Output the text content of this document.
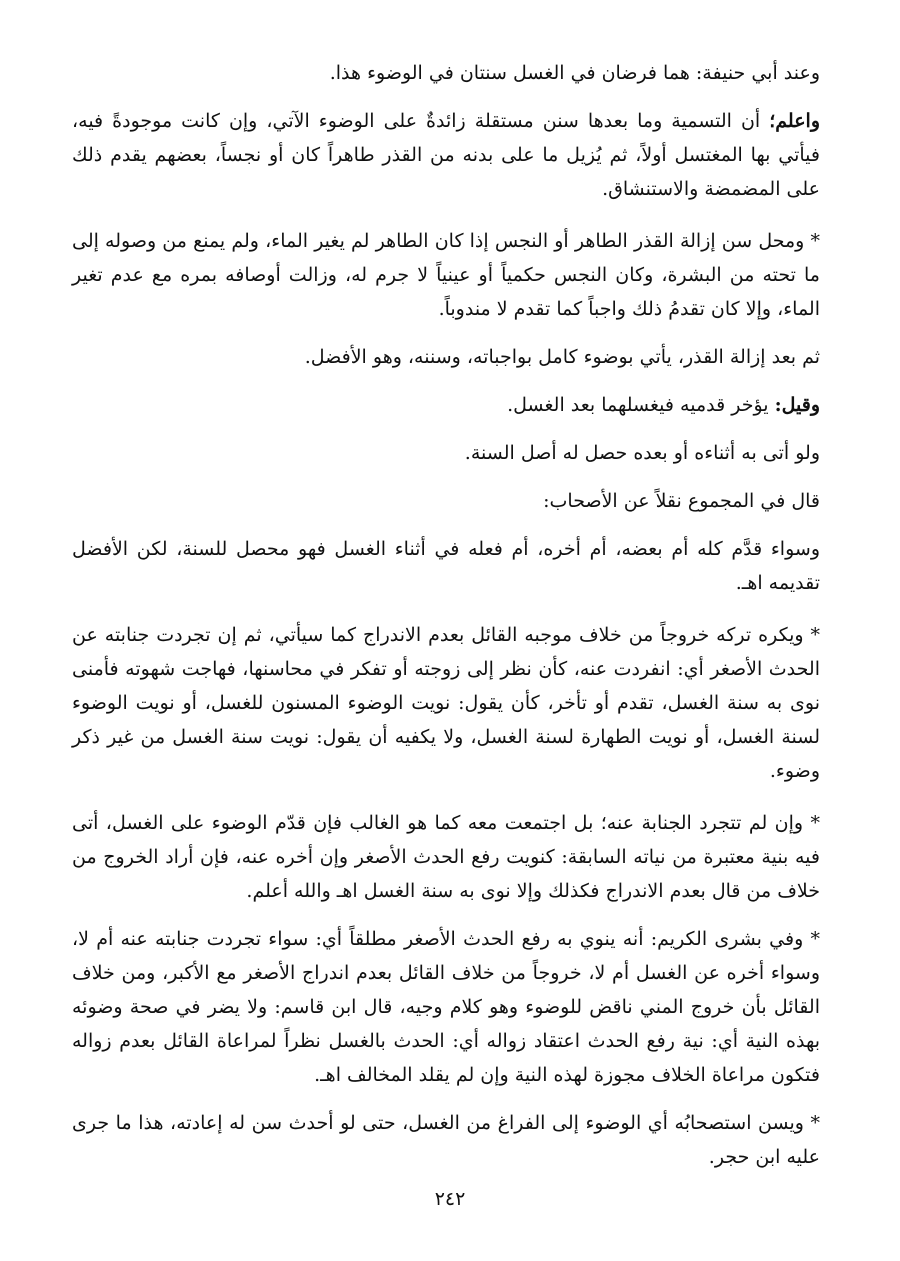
وعند أبي حنيفة: هما فرضان في الغسل سنتان في الوضوء هذا.

واعلم؛ أن التسمية وما بعدها سنن مستقلة زائدةٌ على الوضوء الآتي، وإن كانت موجودةً فيه، فيأتي بها المغتسل أولاً، ثم يُزيل ما على بدنه من القذر طاهراً كان أو نجساً، بعضهم يقدم ذلك على المضمضة والاستنشاق.

* ومحل سن إزالة القذر الطاهر أو النجس إذا كان الطاهر لم يغير الماء، ولم يمنع من وصوله إلى ما تحته من البشرة، وكان النجس حكمياً أو عينياً لا جرم له، وزالت أوصافه بمره مع عدم تغير الماء، وإلا كان تقدمُ ذلك واجباً كما تقدم لا مندوباً.

ثم بعد إزالة القذر، يأتي بوضوء كامل بواجباته، وسننه، وهو الأفضل.

وقيل: يؤخر قدميه فيغسلهما بعد الغسل.

ولو أتى به أثناءه أو بعده حصل له أصل السنة.

قال في المجموع نقلاً عن الأصحاب:

وسواء قدَّم كله أم بعضه، أم أخره، أم فعله في أثناء الغسل فهو محصل للسنة، لكن الأفضل تقديمه اهـ.

* ويكره تركه خروجاً من خلاف موجبه القائل بعدم الاندراج كما سيأتي، ثم إن تجردت جنابته عن الحدث الأصغر أي: انفردت عنه، كأن نظر إلى زوجته أو تفكر في محاسنها، فهاجت شهوته فأمنى نوى به سنة الغسل، تقدم أو تأخر، كأن يقول: نويت الوضوء المسنون للغسل، أو نويت الوضوء لسنة الغسل، أو نويت الطهارة لسنة الغسل، ولا يكفيه أن يقول: نويت سنة الغسل من غير ذكر وضوء.

* وإن لم تتجرد الجنابة عنه؛ بل اجتمعت معه كما هو الغالب فإن قدّم الوضوء على الغسل، أتى فيه بنية معتبرة من نياته السابقة: كنويت رفع الحدث الأصغر وإن أخره عنه، فإن أراد الخروج من خلاف من قال بعدم الاندراج فكذلك وإلا نوى به سنة الغسل اهـ والله أعلم.

* وفي بشرى الكريم: أنه ينوي به رفع الحدث الأصغر مطلقاً أي: سواء تجردت جنابته عنه أم لا، وسواء أخره عن الغسل أم لا، خروجاً من خلاف القائل بعدم اندراج الأصغر مع الأكبر، ومن خلاف القائل بأن خروج المني ناقض للوضوء وهو كلام وجيه، قال ابن قاسم: ولا يضر في صحة وضوئه بهذه النية أي: نية رفع الحدث اعتقاد زواله أي: الحدث بالغسل نظراً لمراعاة القائل بعدم زواله فتكون مراعاة الخلاف مجوزة لهذه النية وإن لم يقلد المخالف اهـ.

* ويسن استصحابُه أي الوضوء إلى الفراغ من الغسل، حتى لو أحدث سن له إعادته، هذا ما جرى عليه ابن حجر.

٢٤٢
